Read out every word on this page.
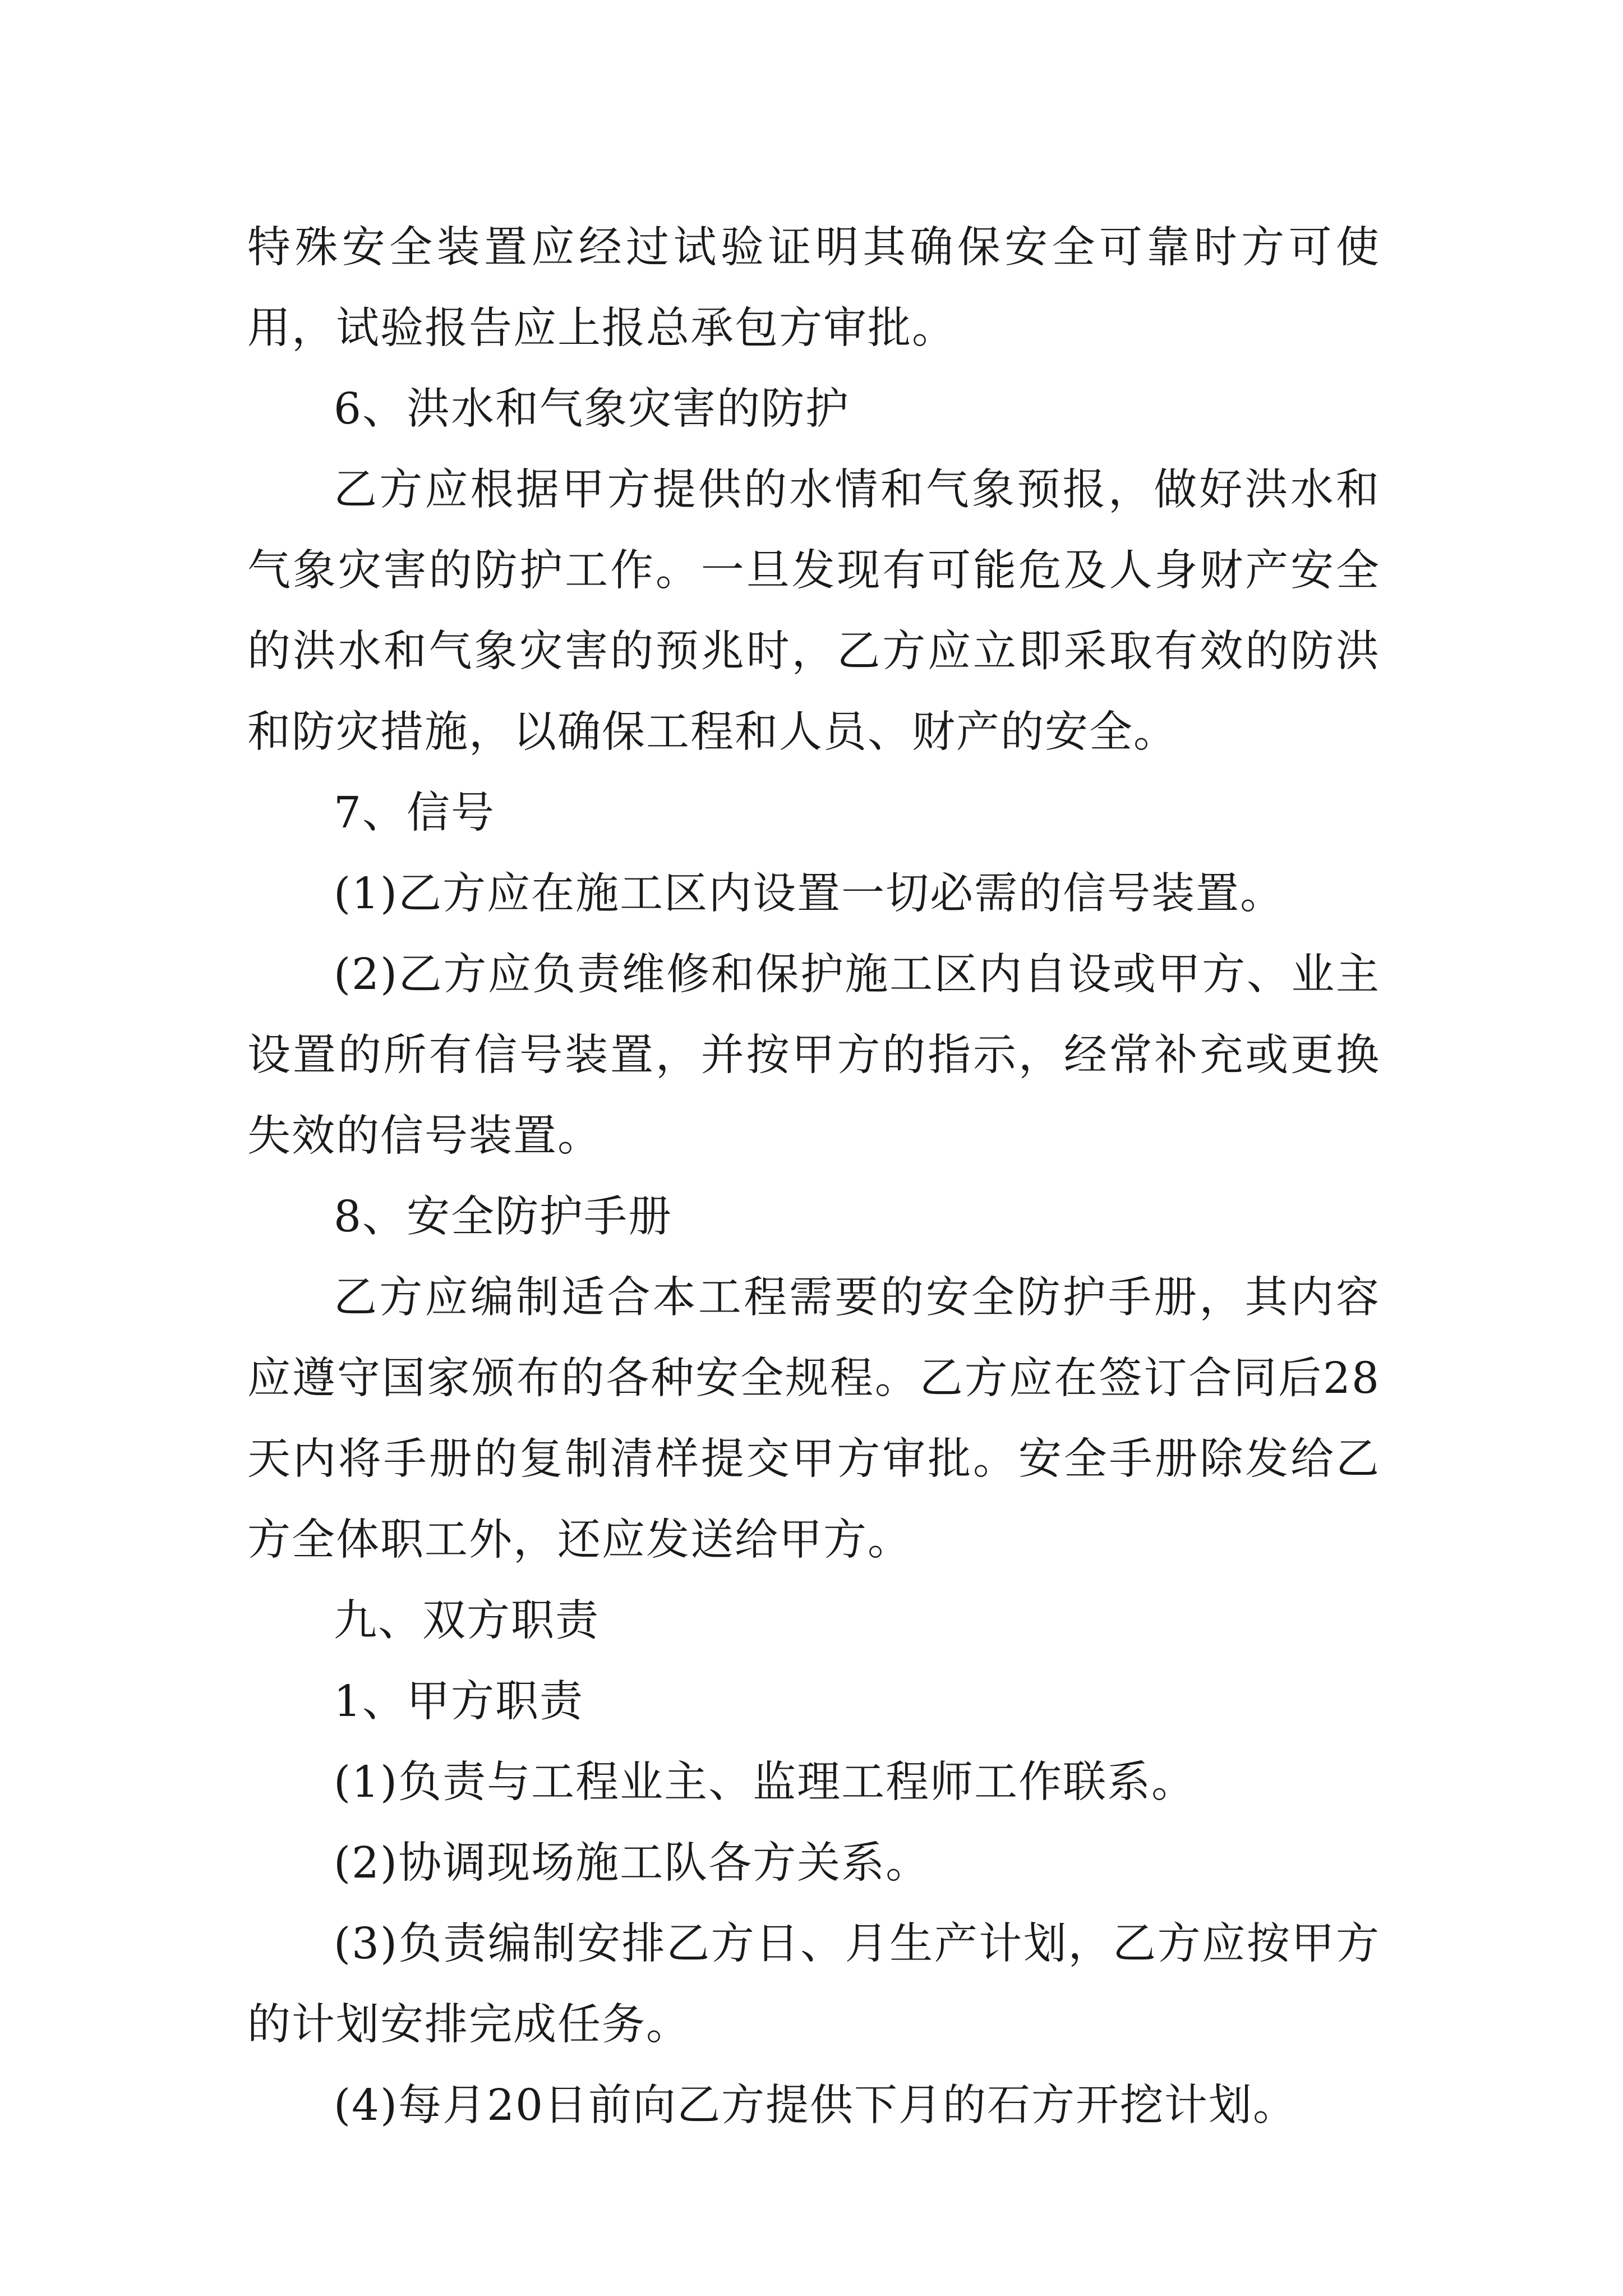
特殊安全装置应经过试验证明其确保安全可靠时方可使用，试验报告应上报总承包方审批。

6、洪水和气象灾害的防护

乙方应根据甲方提供的水情和气象预报，做好洪水和气象灾害的防护工作。一旦发现有可能危及人身财产安全的洪水和气象灾害的预兆时，乙方应立即采取有效的防洪和防灾措施，以确保工程和人员、财产的安全。

7、信号

(1)乙方应在施工区内设置一切必需的信号装置。

(2)乙方应负责维修和保护施工区内自设或甲方、业主设置的所有信号装置，并按甲方的指示，经常补充或更换失效的信号装置。

8、安全防护手册

乙方应编制适合本工程需要的安全防护手册，其内容应遵守国家颁布的各种安全规程。乙方应在签订合同后28天内将手册的复制清样提交甲方审批。安全手册除发给乙方全体职工外，还应发送给甲方。

九、双方职责

1、甲方职责

(1)负责与工程业主、监理工程师工作联系。

(2)协调现场施工队各方关系。

(3)负责编制安排乙方日、月生产计划，乙方应按甲方的计划安排完成任务。

(4)每月20日前向乙方提供下月的石方开挖计划。
